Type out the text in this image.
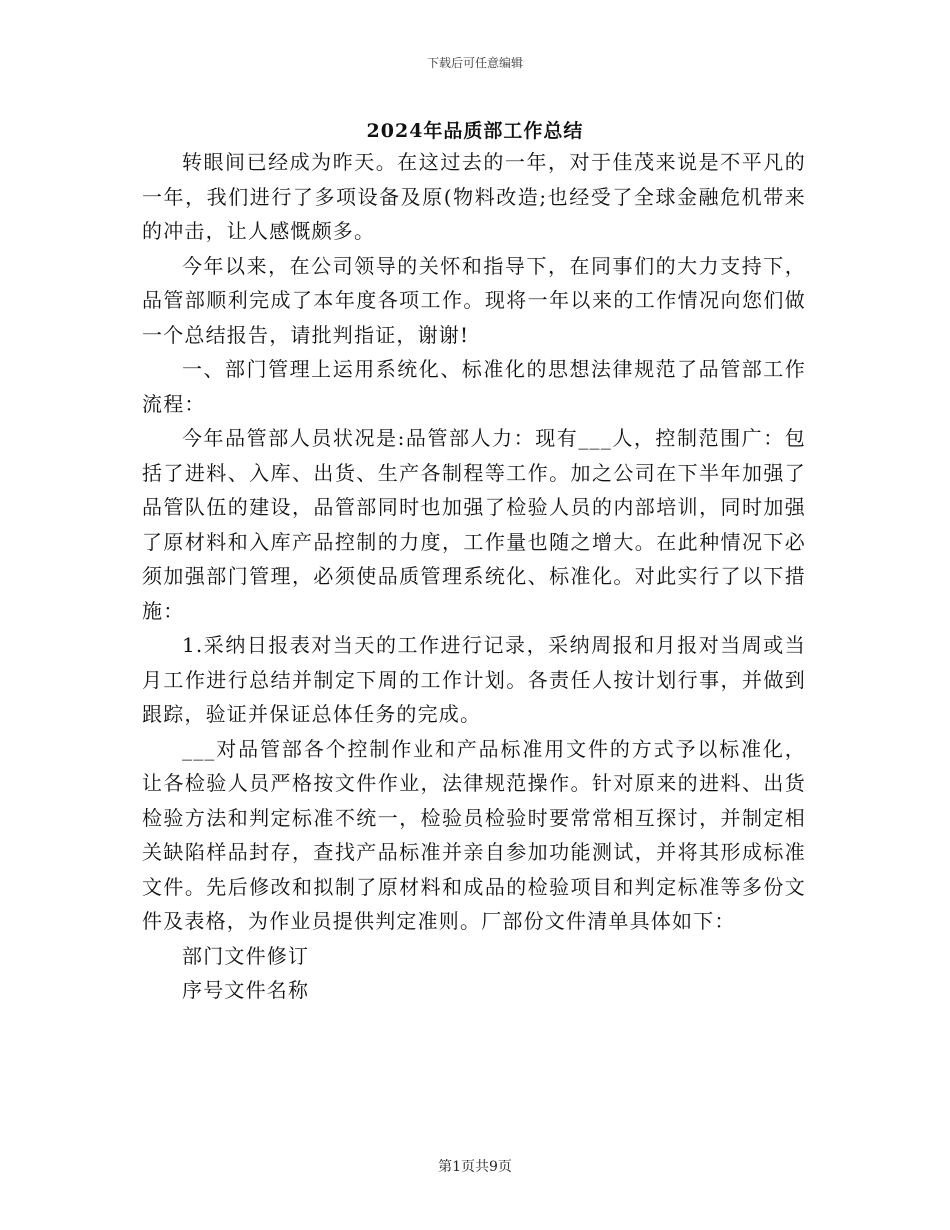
下载后可任意编辑
2024年品质部工作总结

转眼间已经成为昨天。在这过去的一年，对于佳茂来说是不平凡的一年，我们进行了多项设备及原(物料改造;也经受了全球金融危机带来的冲击，让人感慨颇多。

今年以来，在公司领导的关怀和指导下，在同事们的大力支持下，品管部顺利完成了本年度各项工作。现将一年以来的工作情况向您们做一个总结报告，请批判指证，谢谢!

一、部门管理上运用系统化、标准化的思想法律规范了品管部工作流程：

今年品管部人员状况是:品管部人力：现有___人，控制范围广：包括了进料、入库、出货、生产各制程等工作。加之公司在下半年加强了品管队伍的建设，品管部同时也加强了检验人员的内部培训，同时加强了原材料和入库产品控制的力度，工作量也随之增大。在此种情况下必须加强部门管理，必须使品质管理系统化、标准化。对此实行了以下措施：

1.采纳日报表对当天的工作进行记录，采纳周报和月报对当周或当月工作进行总结并制定下周的工作计划。各责任人按计划行事，并做到跟踪，验证并保证总体任务的完成。

___对品管部各个控制作业和产品标准用文件的方式予以标准化，让各检验人员严格按文件作业，法律规范操作。针对原来的进料、出货检验方法和判定标准不统一，检验员检验时要常常相互探讨，并制定相关缺陷样品封存，查找产品标准并亲自参加功能测试，并将其形成标准文件。先后修改和拟制了原材料和成品的检验项目和判定标准等多份文件及表格，为作业员提供判定准则。厂部份文件清单具体如下：

部门文件修订

序号文件名称

第1页共9页
